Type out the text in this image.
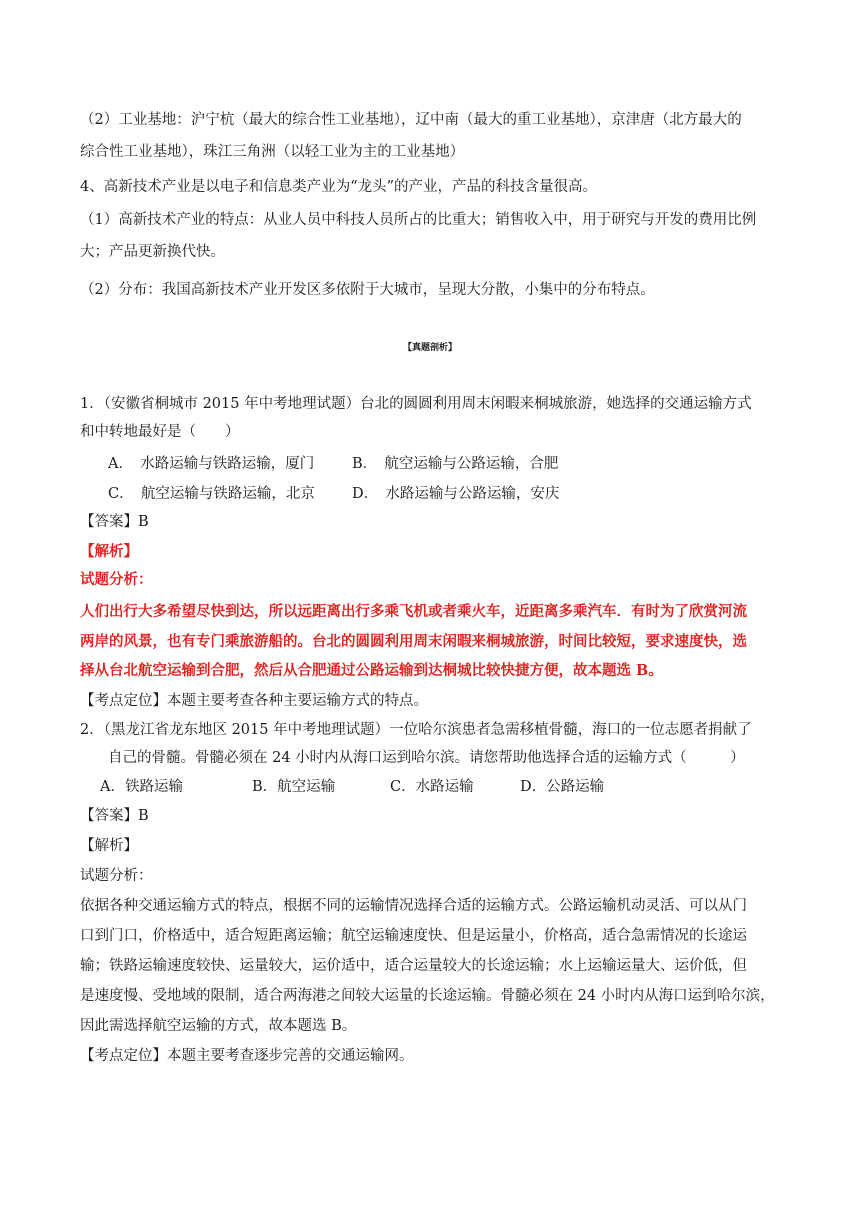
（2）工业基地：沪宁杭（最大的综合性工业基地），辽中南（最大的重工业基地），京津唐（北方最大的
综合性工业基地），珠江三角洲（以轻工业为主的工业基地）
4、高新技术产业是以电子和信息类产业为“龙头”的产业，产品的科技含量很高。
（1）高新技术产业的特点：从业人员中科技人员所占的比重大；销售收入中，用于研究与开发的费用比例
大；产品更新换代快。
（2）分布：我国高新技术产业开发区多依附于大城市，呈现大分散，小集中的分布特点。
【真题剖析】
1．（安徽省桐城市 2015 年中考地理试题）台北的圆圆利用周末闲暇来桐城旅游，她选择的交通运输方式
和中转地最好是（　　）
A．　水路运输与铁路运输，厦门	B．　航空运输与公路运输，合肥
C．　航空运输与铁路运输，北京	D．　水路运输与公路运输，安庆
【答案】B
【解析】
试题分析：
人们出行大多希望尽快到达，所以远距离出行多乘飞机或者乘火车，近距离多乘汽车．有时为了欣赏河流
两岸的风景，也有专门乘旅游船的。台北的圆圆利用周末闲暇来桐城旅游，时间比较短，要求速度快，选
择从台北航空运输到合肥，然后从合肥通过公路运输到达桐城比较快捷方便，故本题选 B。
【考点定位】本题主要考查各种主要运输方式的特点。
2．（黑龙江省龙东地区 2015 年中考地理试题）一位哈尔滨患者急需移植骨髓，海口的一位志愿者捐献了
自己的骨髓。骨髓必须在 24 小时内从海口运到哈尔滨。请您帮助他选择合适的运输方式（　　　）
A．铁路运输	B．航空运输	C．水路运输	D．公路运输
【答案】B
【解析】
试题分析：
依据各种交通运输方式的特点，根据不同的运输情况选择合适的运输方式。公路运输机动灵活、可以从门
口到门口，价格适中，适合短距离运输；航空运输速度快、但是运量小，价格高，适合急需情况的长途运
输；铁路运输速度较快、运量较大，运价适中，适合运量较大的长途运输；水上运输运量大、运价低，但
是速度慢、受地域的限制，适合两海港之间较大运量的长途运输。骨髓必须在 24 小时内从海口运到哈尔滨，
因此需选择航空运输的方式，故本题选 B。
【考点定位】本题主要考查逐步完善的交通运输网。
